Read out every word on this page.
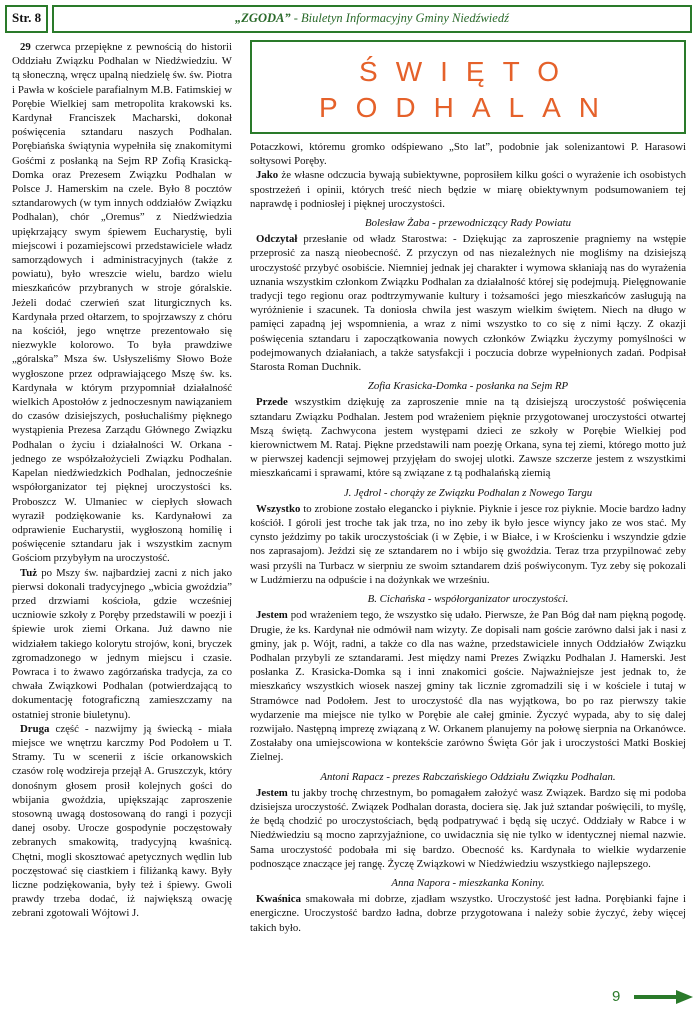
Str. 8	„ZGODA” - Biuletyn Informacyjny Gminy Niedźwiedź
ŚWIĘTO
PODHALAN

29 czerwca przepiękne z pewnością do historii Oddziału Związku Podhalan w Niedźwiedziu. W tą słoneczną, wręcz upalną niedzielę św. św. Piotra i Pawła w kościele parafialnym M.B. Fatimskiej w Porębie Wielkiej sam metropolita krakowski ks. Kardynał Franciszek Macharski, dokonał poświęcenia sztandaru naszych Podhalan. Porębiańska świątynia wypełniła się znakomitymi Gośćmi z posłanką na Sejm RP Zofią Krasicką-Domka oraz Prezesem Związku Podhalan w Polsce J. Hamerskim na czele. Było 8 pocztów sztandarowych (w tym innych oddziałów Związku Podhalan), chór „Oremus” z Niedźwiedzia upiękrzający swym śpiewem Eucharystię, byli miejscowi i pozamiejscowi przedstawiciele władz samorządowych i administracyjnych (także z powiatu), było wreszcie wielu, bardzo wielu mieszkańców przybranych w stroje góralskie. Jeżeli dodać czerwień szat liturgicznych ks. Kardynała przed ołtarzem, to spojrzawszy z chóru na kościół, jego wnętrze prezentowało się niezwykle kolorowo. To była prawdziwe „góralska” Msza św. Usłyszeliśmy Słowo Boże wygłoszone przez odprawiającego Mszę św. ks. Kardynała w którym przypomniał działalność wielkich Apostołów z jednoczesnym nawiązaniem do czasów dzisiejszych, posłuchaliśmy pięknego wystąpienia Prezesa Zarządu Głównego Związku Podhalan o życiu i działalności W. Orkana - jednego ze współzałożycieli Związku Podhalan. Kapelan niedźwiedzkich Podhalan, jednocześnie współorganizator tej pięknej uroczystości ks. Proboszcz W. Ulmaniec w ciepłych słowach wyraził podziękowanie ks. Kardynałowi za odprawienie Eucharystii, wygłoszoną homilię i poświęcenie sztandaru jak i wszystkim zacnym Gościom przybyłym na uroczystość.

Tuż po Mszy św. najbardziej zacni z nich jako pierwsi dokonali tradycyjnego „wbicia gwoździa” przed drzwiami kościoła, gdzie wcześniej uczniowie szkoły z Poręby przedstawili w poezji i śpiewie urok ziemi Orkana. Już dawno nie widziałem takiego kolorytu strojów, koni, bryczek zgromadzonego w jednym miejscu i czasie. Powraca i to żwawo zagórzańska tradycja, za co chwała Związkowi Podhalan (potwierdzającą to dokumentację fotograficzną zamieszczamy na ostatniej stronie biuletynu).

Druga część - nazwijmy ją świecką - miała miejsce we wnętrzu karczmy Pod Podołem u T. Stramy. Tu w scenerii z iście orkanowskich czasów rolę wodzireja przejął A. Gruszczyk, który donośnym głosem prosił kolejnych gości do wbijania gwoździa, upiększając zaproszenie stosowną uwagą dostosowaną do rangi i pozycji danej osoby. Urocze gospodynie poczęstowały zebranych smakowitą, tradycyjną kwaśnicą. Chętni, mogli skosztować apetycznych wędlin lub poczęstować się ciastkiem i filiżanką kawy. Były liczne podziękowania, były też i śpiewy. Gwoli prawdy trzeba dodać, iż największą owację zebrani zgotowali Wójtowi J.

Potaczkowi, któremu gromko odśpiewano „Sto lat”, podobnie jak solenizantowi P. Harasowi sołtysowi Poręby.

Jako że własne odczucia bywają subiektywne, poprosiłem kilku gości o wyrażenie ich osobistych spostrzeżeń i opinii, których treść niech będzie w miarę obiektywnym podsumowaniem tej naprawdę i podniosłej i pięknej uroczystości.

Bolesław Żaba - przewodniczący Rady Powiatu

Odczytał przesłanie od władz Starostwa: - Dziękując za zaproszenie pragniemy na wstępie przeprosić za naszą nieobecność. Z przyczyn od nas niezależnych nie mogliśmy na dzisiejszą uroczystość przybyć osobiście. Niemniej jednak jej charakter i wymowa skłaniają nas do wyrażenia uznania wszystkim członkom Związku Podhalan za działalność której się podejmują. Pielęgnowanie tradycji tego regionu oraz podtrzymywanie kultury i tożsamości jego mieszkańców zasługują na wyróżnienie i szacunek. Ta doniosła chwila jest waszym wielkim świętem. Niech na długo w pamięci zapadną jej wspomnienia, a wraz z nimi wszystko to co się z nimi łączy. Z okazji poświęcenia sztandaru i zapoczątkowania nowych członków Związku życzymy pomyślności w podejmowanych działaniach, a także satysfakcji i poczucia dobrze wypełnionych zadań. Podpisał Starosta Roman Duchnik.

Zofia Krasicka-Domka - posłanka na Sejm RP

Przede wszystkim dziękuję za zaproszenie mnie na tą dzisiejszą uroczystość poświęcenia sztandaru Związku Podhalan. Jestem pod wrażeniem pięknie przygotowanej uroczystości otwartej Mszą świętą. Zachwycona jestem występami dzieci ze szkoły w Porębie Wielkiej pod kierownictwem M. Rataj. Piękne przedstawili nam poezję Orkana, syna tej ziemi, którego motto już w pierwszej kadencji sejmowej przyjęłam do swojej ulotki. Zawsze szczerze jestem z wszystkimi mieszkańcami i sprawami, które są związane z tą podhalańską ziemią

J. Jędrol - chorąży ze Związku Podhalan z Nowego Targu

Wszystko to zrobione zostało elegancko i piyknie. Piyknie i jesce roz piyknie. Mocie bardzo ładny kościół. I góroli jest troche tak jak trza, no ino zeby ik było jesce wiyncy jako ze wos stać. My cynsto jeździmy po takik uroczystościak (i w Zębie, i w Białce, i w Krościenku i wszyndzie gdzie nos zaprasajom). Jeździ się ze sztandarem no i wbijo się gwoździa. Teraz trza przypilnować zeby wasi przyśli na Turbacz w sierpniu ze swoim sztandarem dziś poświyconym. Tyz zeby się pokozali w Ludźmierzu na odpuście i na dożynkak we wrześniu.

B. Cichańska - współorganizator uroczystości.

Jestem pod wrażeniem tego, że wszystko się udało. Pierwsze, że Pan Bóg dał nam piękną pogodę. Drugie, że ks. Kardynał nie odmówił nam wizyty. Ze dopisali nam goście zarówno dalsi jak i nasi z gminy, jak p. Wójt, radni, a także co dla nas ważne, przedstawiciele innych Oddziałów Związku Podhalan przybyli ze sztandarami. Jest między nami Prezes Związku Podhalan J. Hamerski. Jest posłanka Z. Krasicka-Domka są i inni znakomici goście. Najważniejsze jest jednak to, że mieszkańcy wszystkich wiosek naszej gminy tak licznie zgromadzili się i w kościele i tutaj w Stramówce nad Podołem. Jest to uroczystość dla nas wyjątkowa, bo po raz pierwszy takie wydarzenie ma miejsce nie tylko w Porębie ale całej gminie. Życzyć wypada, aby to się dalej rozwijało. Następną imprezę związaną z W. Orkanem planujemy na połowę sierpnia na Orkanówce. Zostałaby ona umiejscowiona w kontekście zarówno Święta Gór jak i uroczystości Matki Boskiej Zielnej.

Antoni Rapacz - prezes Rabczańskiego Oddziału Związku Podhalan.

Jestem tu jakby trochę chrzestnym, bo pomagałem założyć wasz Związek. Bardzo się mi podoba dzisiejsza uroczystość. Związek Podhalan dorasta, dociera się. Jak już sztandar poświęcili, to myślę, że będą chodzić po uroczystościach, będą podpatrywać i będą się uczyć. Oddziały w Rabce i w Niedźwiedziu są mocno zaprzyjaźnione, co uwidacznia się nie tylko w identycznej niemal nazwie. Sama uroczystość podobała mi się bardzo. Obecność ks. Kardynała to wielkie wydarzenie podnoszące znaczące jej rangę. Życzę Związkowi w Niedźwiedziu wszystkiego najlepszego.

Anna Napora - mieszkanka Koniny.

Kwaśnica smakowała mi dobrze, zjadłam wszystko. Uroczystość jest ładna. Porębianki fajne i energiczne. Uroczystość bardzo ładna, dobrze przygotowana i należy sobie życzyć, żeby więcej takich było.

9
